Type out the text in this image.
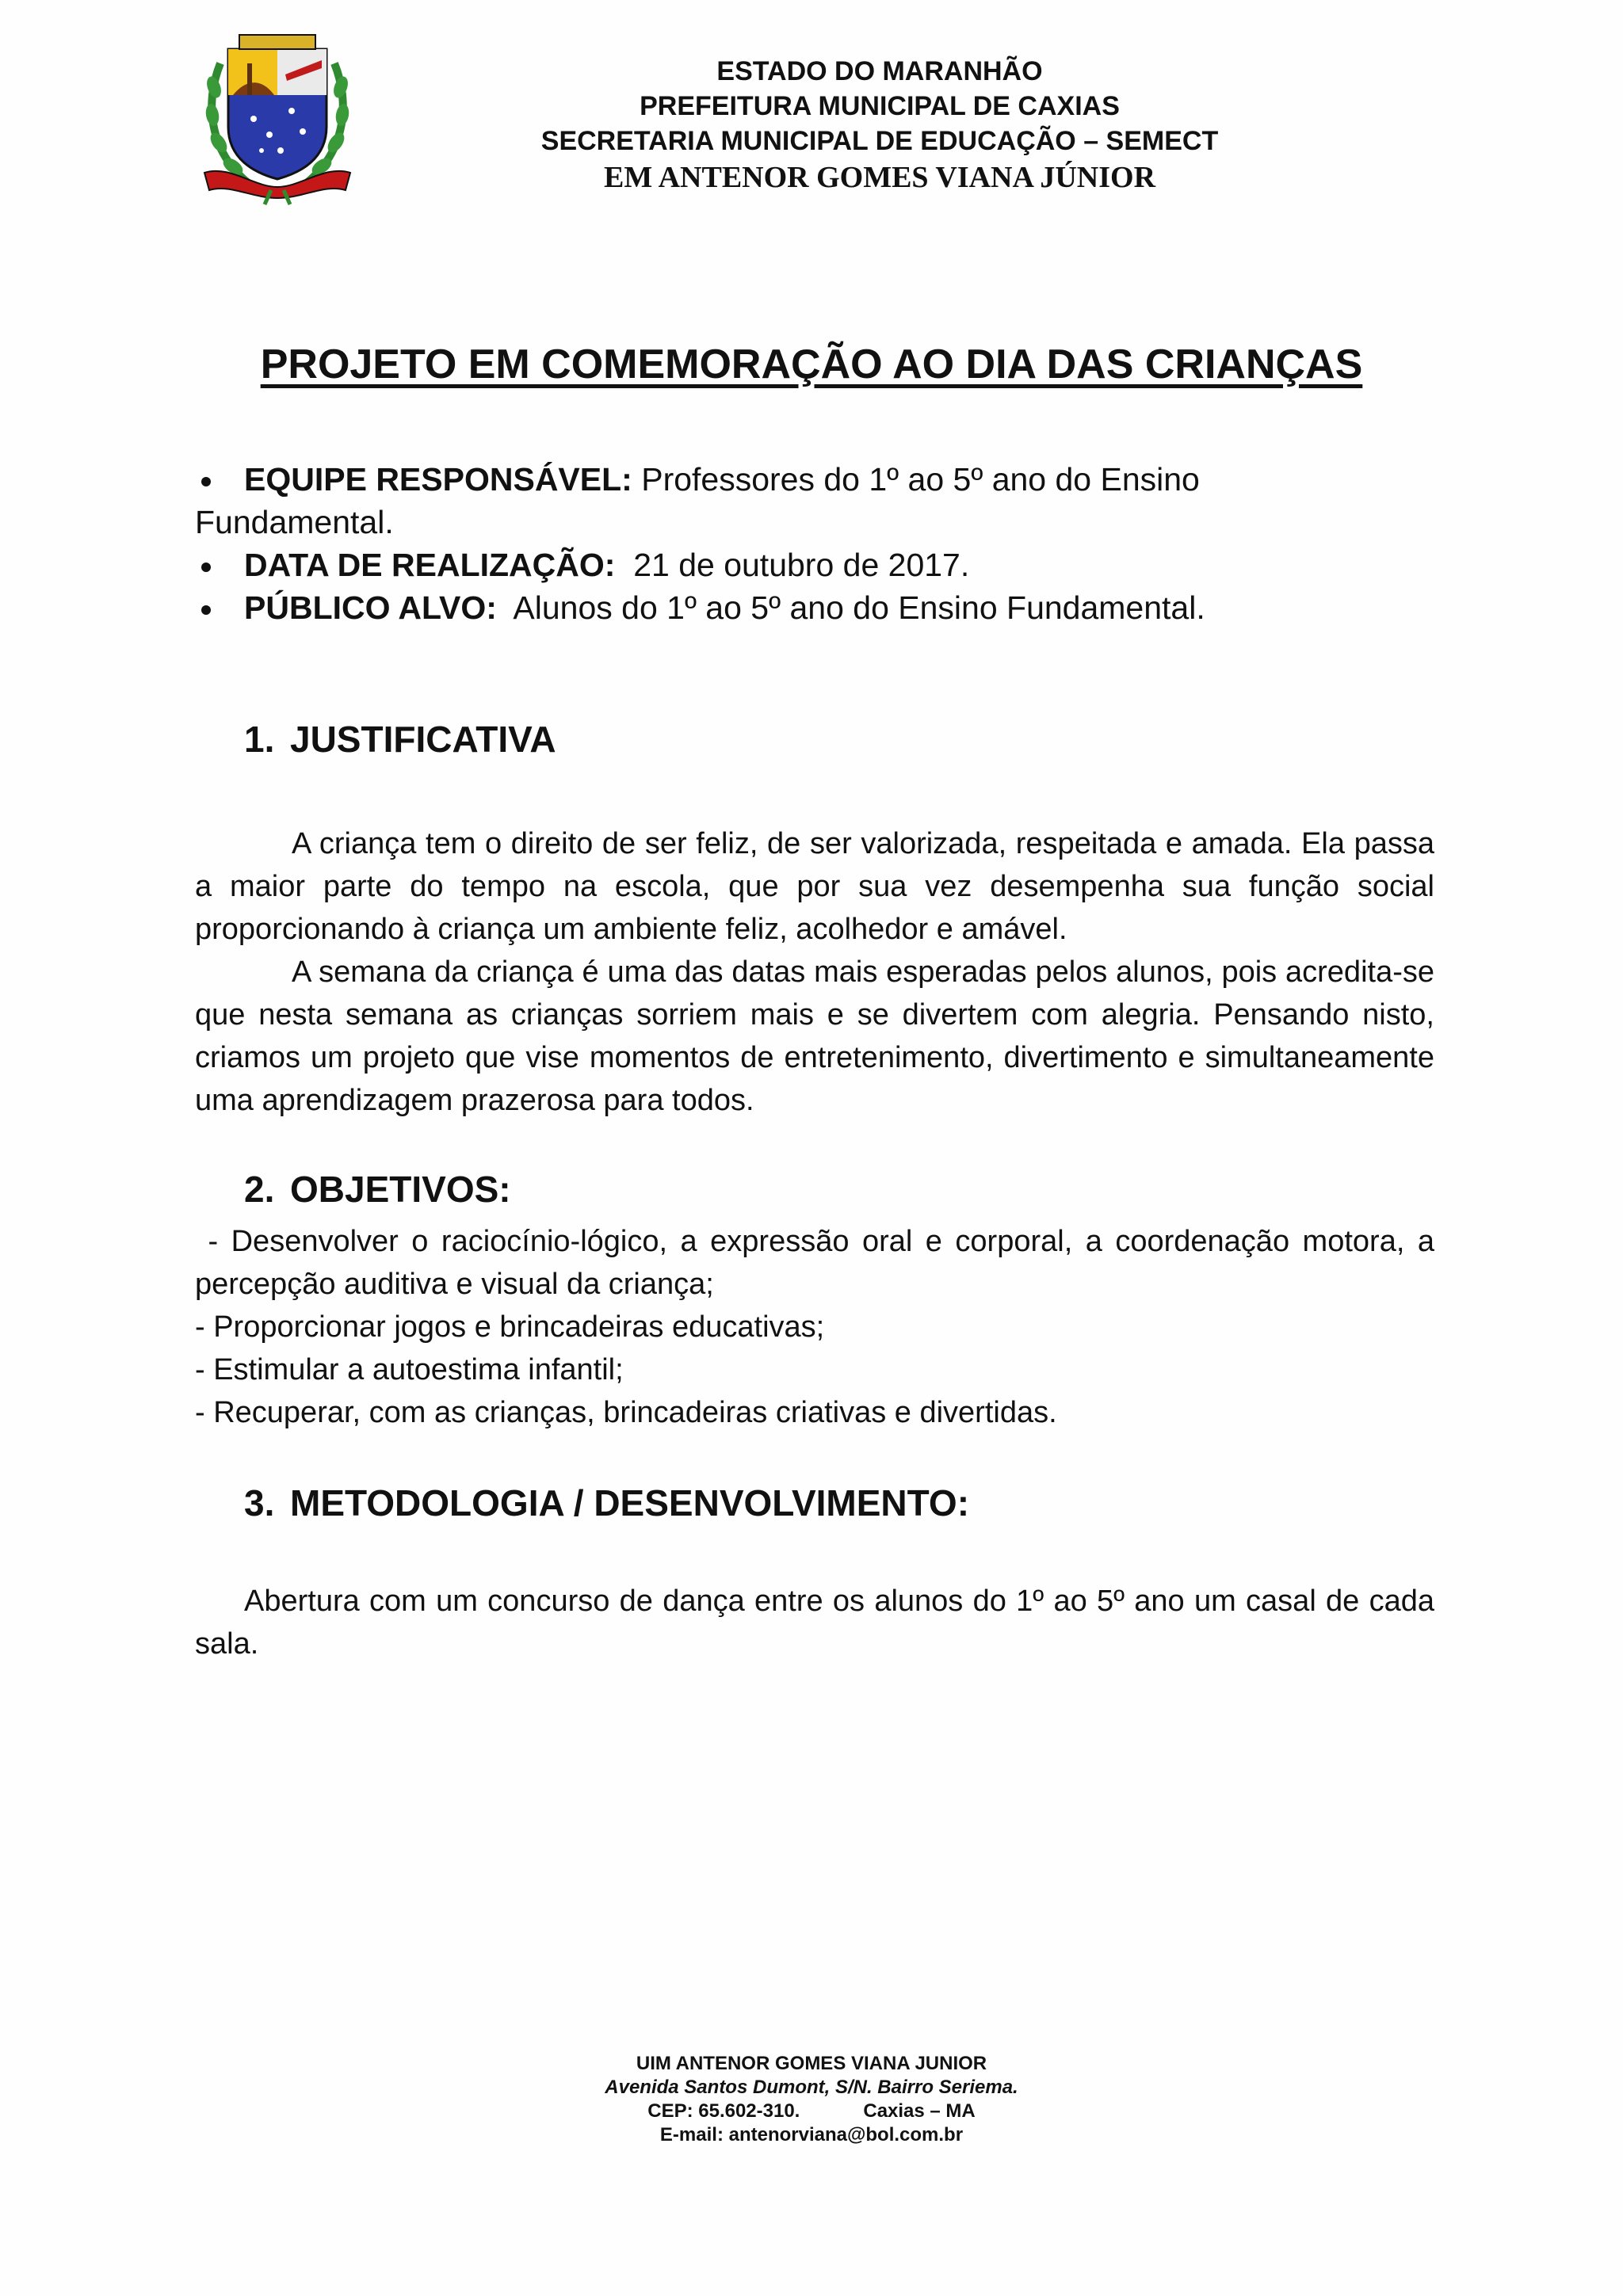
ESTADO DO MARANHÃO
PREFEITURA MUNICIPAL DE CAXIAS
SECRETARIA MUNICIPAL DE EDUCAÇÃO – SEMECT
EM ANTENOR GOMES VIANA JÚNIOR
PROJETO EM COMEMORAÇÃO AO DIA DAS CRIANÇAS
EQUIPE RESPONSÁVEL: Professores do 1º ao 5º ano do Ensino
Fundamental.
DATA DE REALIZAÇÃO:  21 de outubro de 2017.
PÚBLICO ALVO:  Alunos do 1º ao 5º ano do Ensino Fundamental.
1. JUSTIFICATIVA

A criança tem o direito de ser feliz, de ser valorizada, respeitada e amada. Ela passa a maior parte do tempo na escola, que por sua vez desempenha sua função social proporcionando à criança um ambiente feliz, acolhedor e amável.

A semana da criança é uma das datas mais esperadas pelos alunos, pois acredita-se que nesta semana as crianças sorriem mais e se divertem com alegria. Pensando nisto, criamos um projeto que vise momentos de entretenimento, divertimento e simultaneamente uma aprendizagem prazerosa para todos.

2. OBJETIVOS:

- Desenvolver o raciocínio-lógico, a expressão oral e corporal, a coordenação motora, a percepção auditiva e visual da criança;

- Proporcionar jogos e brincadeiras educativas;

- Estimular a autoestima infantil;

- Recuperar, com as crianças, brincadeiras criativas e divertidas.

3. METODOLOGIA / DESENVOLVIMENTO:

Abertura com um concurso de dança entre os alunos do 1º ao 5º ano um casal de cada sala.

UIM ANTENOR GOMES VIANA JUNIOR
Avenida Santos Dumont, S/N. Bairro Seriema.
CEP: 65.602-310.	Caxias – MA
E-mail: antenorviana@bol.com.br
